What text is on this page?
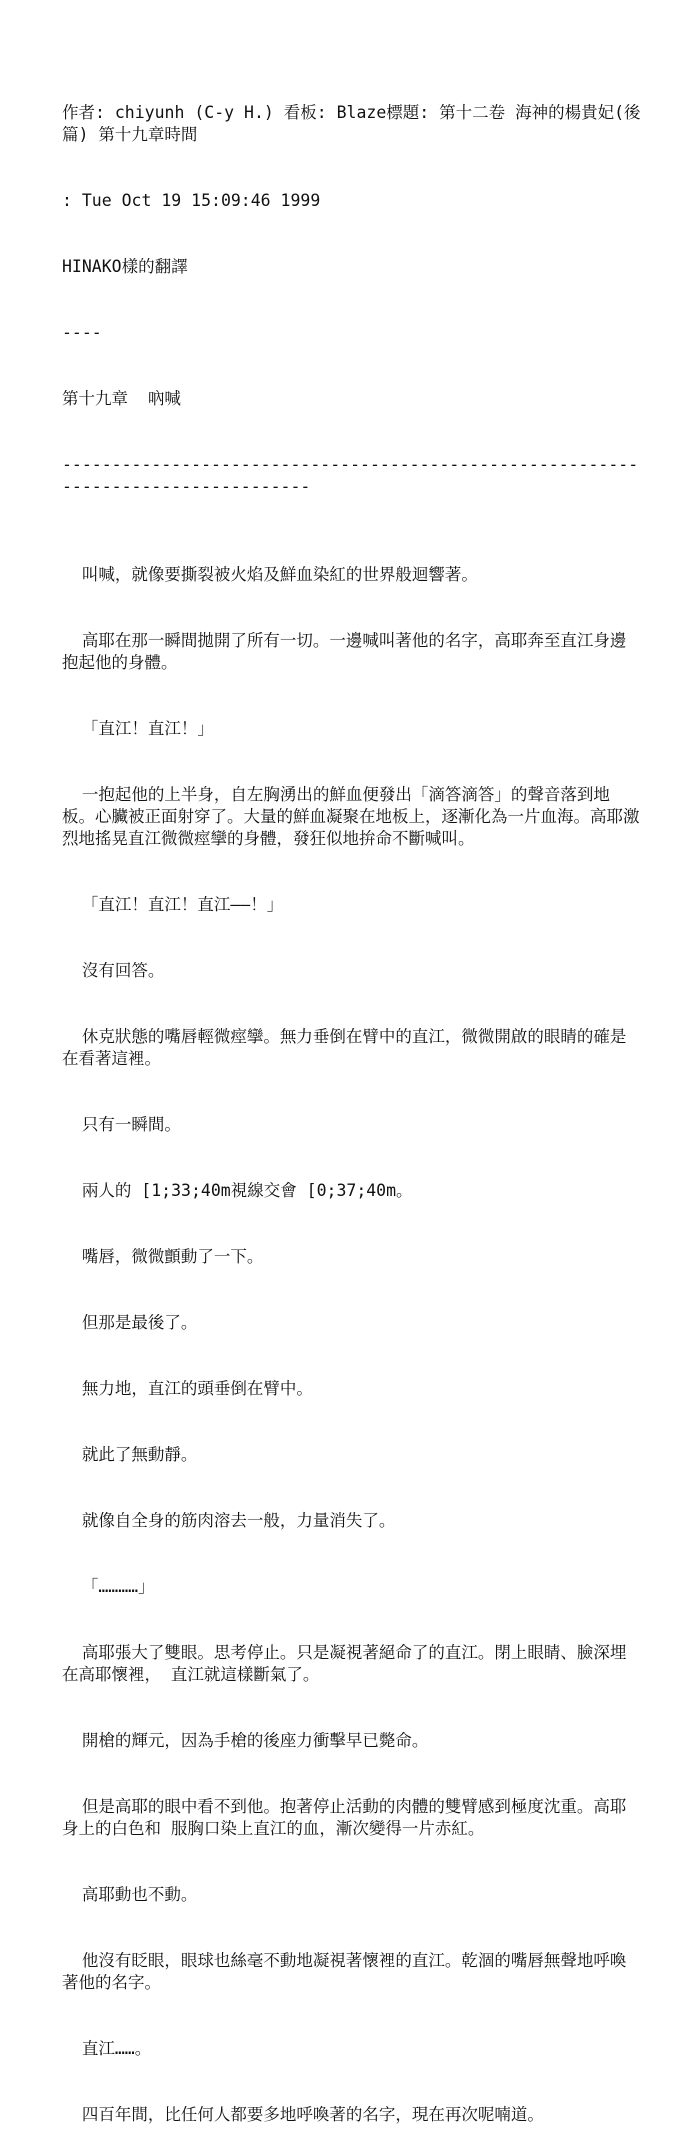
作者: chiyunh (C-y H.) 看板: Blaze標題: 第十二卷 海神的楊貴妃(後篇) 第十九章時間

: Tue Oct 19 15:09:46 1999

HINAKO樣的翻譯

----

第十九章  吶喊

-----------------------------------------------------------------------------------

叫喊，就像要撕裂被火焰及鮮血染紅的世界般迴響著。

高耶在那一瞬間拋開了所有一切。一邊喊叫著他的名字，高耶奔至直江身邊抱起他的身體。

「直江！直江！」

一抱起他的上半身，自左胸湧出的鮮血便發出「滴答滴答」的聲音落到地板。心臟被正面射穿了。大量的鮮血凝聚在地板上，逐漸化為一片血海。高耶激烈地搖晃直江微微痙攣的身體，發狂似地拚命不斷喊叫。

「直江！直江！直江——！」

沒有回答。

休克狀態的嘴唇輕微痙攣。無力垂倒在臂中的直江，微微開啟的眼睛的確是在看著這裡。

只有一瞬間。

兩人的 [1;33;40m視線交會 [0;37;40m。

嘴唇，微微顫動了一下。

但那是最後了。

無力地，直江的頭垂倒在臂中。

就此了無動靜。

就像自全身的筋肉溶去一般，力量消失了。

「…………」

高耶張大了雙眼。思考停止。只是凝視著絕命了的直江。閉上眼睛、臉深埋在高耶懷裡， 直江就這樣斷氣了。

開槍的輝元，因為手槍的後座力衝擊早已斃命。

但是高耶的眼中看不到他。抱著停止活動的肉體的雙臂感到極度沈重。高耶身上的白色和 服胸口染上直江的血，漸次變得一片赤紅。

高耶動也不動。

他沒有眨眼，眼球也絲毫不動地凝視著懷裡的直江。乾涸的嘴唇無聲地呼喚著他的名字。

直江……。

四百年間，比任何人都要多地呼喚著的名字，現在再次呢喃道。
